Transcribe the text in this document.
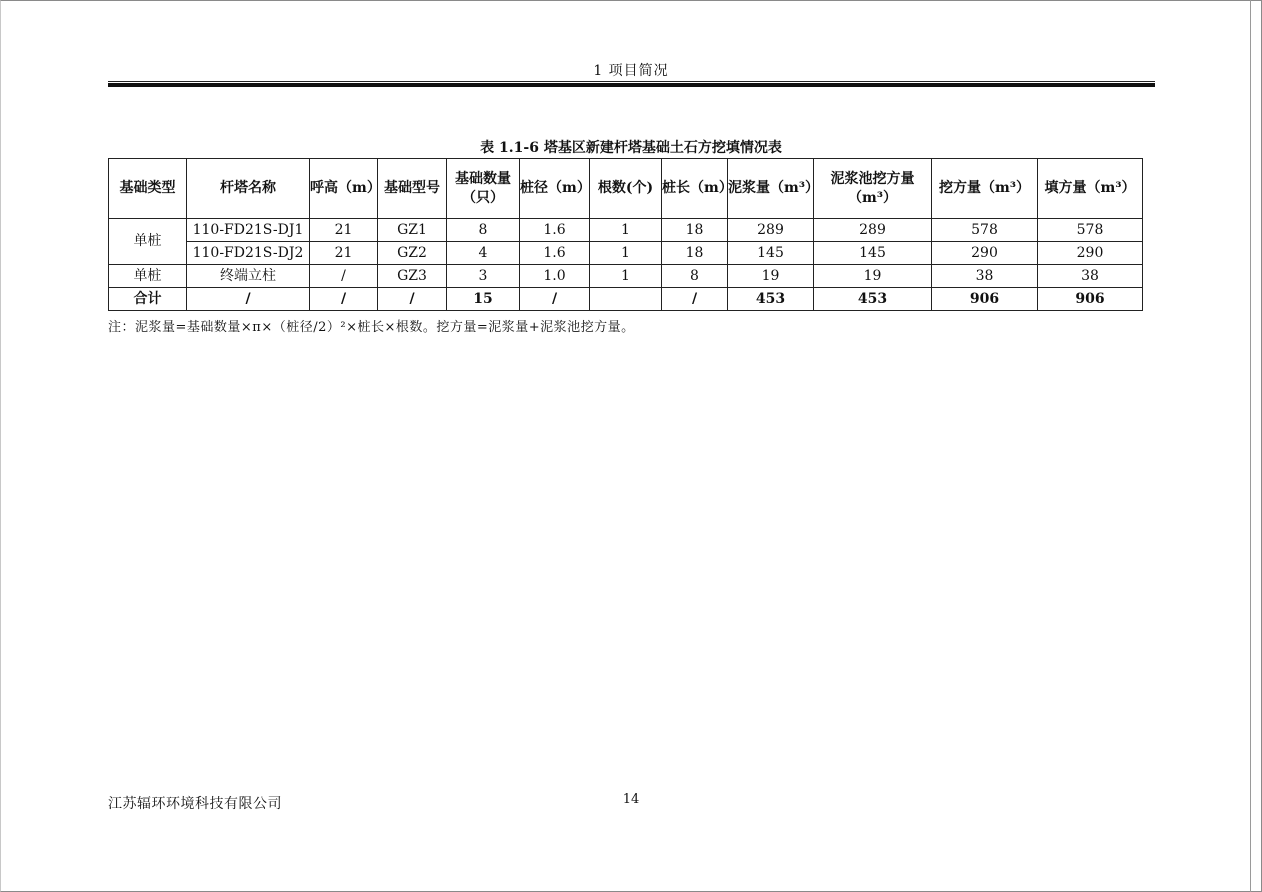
1 项目简况
表 1.1-6 塔基区新建杆塔基础土石方挖填情况表
基础类型	杆塔名称	呼高（m）	基础型号	基础数量（只）	桩径（m）	根数(个)	桩长（m）	泥浆量（m³）	泥浆池挖方量（m³）	挖方量（m³）	填方量（m³）
单桩	110-FD21S-DJ1	21	GZ1	8	1.6	1	18	289	289	578	578
	110-FD21S-DJ2	21	GZ2	4	1.6	1	18	145	145	290	290
单桩	终端立柱	/	GZ3	3	1.0	1	8	19	19	38	38
合计	/	/	/	15	/		/	453	453	906	906
注：泥浆量=基础数量×π×（桩径/2）²×桩长×根数。挖方量=泥浆量+泥浆池挖方量。
江苏辐环环境科技有限公司	14
